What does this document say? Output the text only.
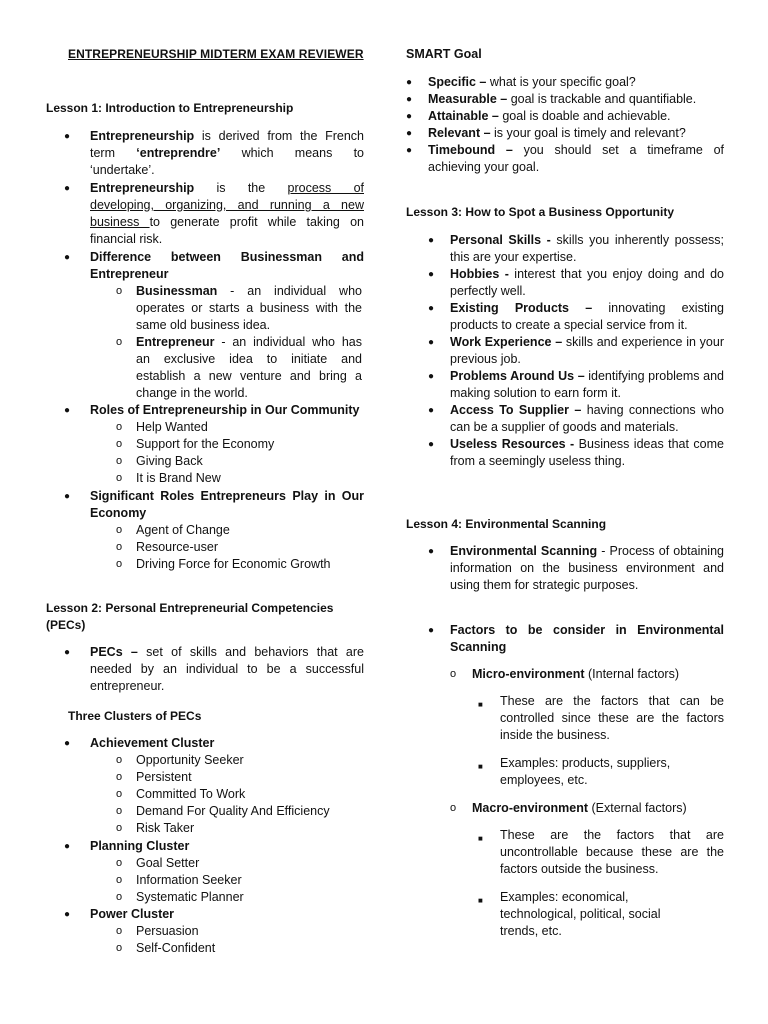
ENTREPRENEURSHIP MIDTERM EXAM REVIEWER
Lesson 1: Introduction to Entrepreneurship
● Entrepreneurship is derived from the French
term ‘entreprendre’ which means to
‘undertake’.
● Entrepreneurship is the process of
developing, organizing, and running a new
business to generate profit while taking on
financial risk.
● Difference between Businessman and
Entrepreneur
o Businessman - an individual who operates or starts a business with the same old business idea.
o Entrepreneur - an individual who has an exclusive idea to initiate and establish a new venture and bring a change in the world.
● Roles of Entrepreneurship in Our Community
o Help Wanted
o Support for the Economy
o Giving Back
o It is Brand New
● Significant Roles Entrepreneurs Play in Our
Economy
o Agent of Change
o Resource-user
o Driving Force for Economic Growth
Lesson 2: Personal Entrepreneurial Competencies
(PECs)
● PECs – set of skills and behaviors that are needed by an individual to be a successful entrepreneur.
Three Clusters of PECs
● Achievement Cluster
o Opportunity Seeker
o Persistent
o Committed To Work
o Demand For Quality And Efficiency
o Risk Taker
● Planning Cluster
o Goal Setter
o Information Seeker
o Systematic Planner
● Power Cluster
o Persuasion
o Self-Confident
SMART Goal
● Specific – what is your specific goal?
● Measurable – goal is trackable and quantifiable.
● Attainable – goal is doable and achievable.
● Relevant – is your goal is timely and relevant?
● Timebound – you should set a timeframe of achieving your goal.
Lesson 3: How to Spot a Business Opportunity
● Personal Skills - skills you inherently possess; this are your expertise.
● Hobbies - interest that you enjoy doing and do perfectly well.
● Existing Products – innovating existing products to create a special service from it.
● Work Experience – skills and experience in your previous job.
● Problems Around Us – identifying problems and making solution to earn form it.
● Access To Supplier – having connections who can be a supplier of goods and materials.
● Useless Resources - Business ideas that come from a seemingly useless thing.
Lesson 4: Environmental Scanning
● Environmental Scanning - Process of obtaining information on the business environment and using them for strategic purposes.
● Factors to be consider in Environmental Scanning
o Micro-environment (Internal factors)
■ These are the factors that can be controlled since these are the factors inside the business.
■ Examples: products, suppliers, employees, etc.
o Macro-environment (External factors)
■ These are the factors that are uncontrollable because these are the factors outside the business.
■ Examples: economical, technological, political, social trends, etc.
